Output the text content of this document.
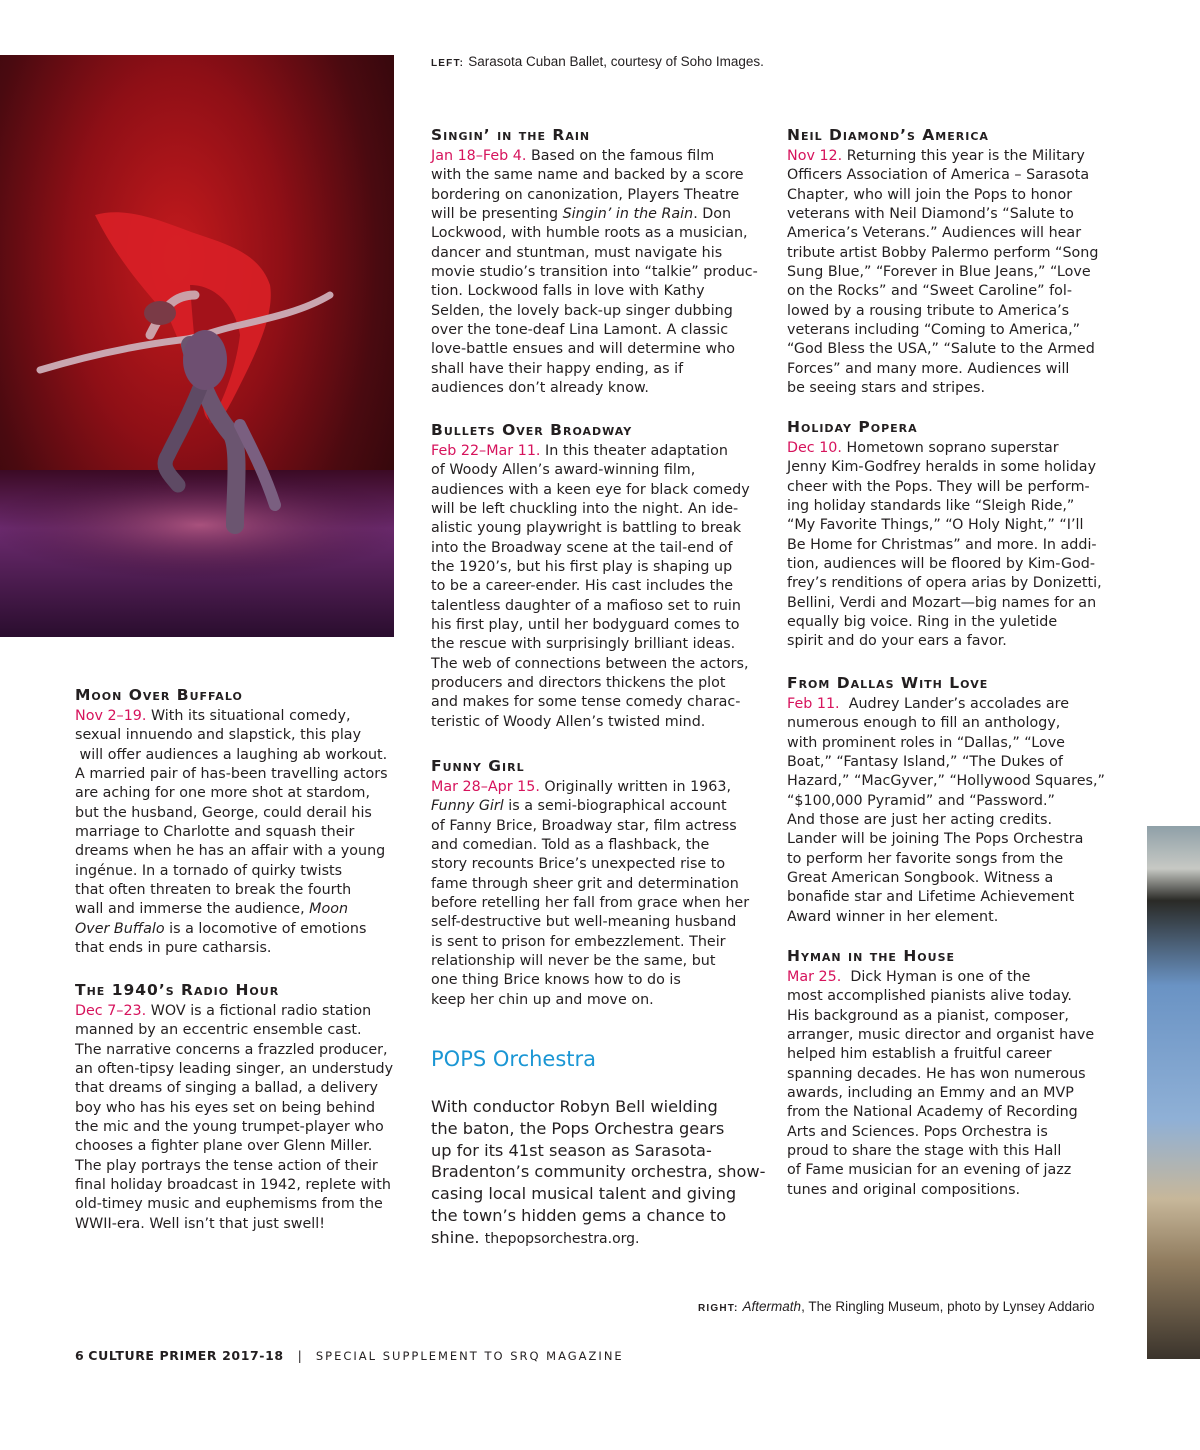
LEFT: Sarasota Cuban Ballet, courtesy of Soho Images.
Moon Over Buffalo

Nov 2–19. With its situational comedy,
sexual innuendo and slapstick, this play
will offer audiences a laughing ab workout.
A married pair of has-been travelling actors
are aching for one more shot at stardom,
but the husband, George, could derail his
marriage to Charlotte and squash their
dreams when he has an affair with a young
ingénue. In a tornado of quirky twists
that often threaten to break the fourth
wall and immerse the audience, Moon
Over Buffalo is a locomotive of emotions
that ends in pure catharsis.

The 1940’s Radio Hour

Dec 7–23. WOV is a fictional radio station
manned by an eccentric ensemble cast.
The narrative concerns a frazzled producer,
an often-tipsy leading singer, an understudy
that dreams of singing a ballad, a delivery
boy who has his eyes set on being behind
the mic and the young trumpet-player who
chooses a fighter plane over Glenn Miller.
The play portrays the tense action of their
final holiday broadcast in 1942, replete with
old-timey music and euphemisms from the
WWII-era. Well isn’t that just swell!

Singin’ in the Rain

Jan 18–Feb 4. Based on the famous film
with the same name and backed by a score
bordering on canonization, Players Theatre
will be presenting Singin’ in the Rain. Don
Lockwood, with humble roots as a musician,
dancer and stuntman, must navigate his
movie studio’s transition into “talkie” produc-
tion. Lockwood falls in love with Kathy
Selden, the lovely back-up singer dubbing
over the tone-deaf Lina Lamont. A classic
love-battle ensues and will determine who
shall have their happy ending, as if
audiences don’t already know.

Bullets Over Broadway

Feb 22–Mar 11. In this theater adaptation
of Woody Allen’s award-winning film,
audiences with a keen eye for black comedy
will be left chuckling into the night. An ide-
alistic young playwright is battling to break
into the Broadway scene at the tail-end of
the 1920’s, but his first play is shaping up
to be a career-ender. His cast includes the
talentless daughter of a mafioso set to ruin
his first play, until her bodyguard comes to
the rescue with surprisingly brilliant ideas.
The web of connections between the actors,
producers and directors thickens the plot
and makes for some tense comedy charac-
teristic of Woody Allen’s twisted mind.

Funny Girl

Mar 28–Apr 15. Originally written in 1963,
Funny Girl is a semi-biographical account
of Fanny Brice, Broadway star, film actress
and comedian. Told as a flashback, the
story recounts Brice’s unexpected rise to
fame through sheer grit and determination
before retelling her fall from grace when her
self-destructive but well-meaning husband
is sent to prison for embezzlement. Their
relationship will never be the same, but
one thing Brice knows how to do is
keep her chin up and move on.

POPS Orchestra

With conductor Robyn Bell wielding
the baton, the Pops Orchestra gears
up for its 41st season as Sarasota-
Bradenton’s community orchestra, show-
casing local musical talent and giving
the town’s hidden gems a chance to
shine. thepopsorchestra.org.

Neil Diamond’s America

Nov 12. Returning this year is the Military
Officers Association of America – Sarasota
Chapter, who will join the Pops to honor
veterans with Neil Diamond’s “Salute to
America’s Veterans.” Audiences will hear
tribute artist Bobby Palermo perform “Song
Sung Blue,” “Forever in Blue Jeans,” “Love
on the Rocks” and “Sweet Caroline” fol-
lowed by a rousing tribute to America’s
veterans including “Coming to America,”
“God Bless the USA,” “Salute to the Armed
Forces” and many more. Audiences will
be seeing stars and stripes.

Holiday Popera

Dec 10. Hometown soprano superstar
Jenny Kim-Godfrey heralds in some holiday
cheer with the Pops. They will be perform-
ing holiday standards like “Sleigh Ride,”
“My Favorite Things,” “O Holy Night,” “I’ll
Be Home for Christmas” and more. In addi-
tion, audiences will be floored by Kim-God-
frey’s renditions of opera arias by Donizetti,
Bellini, Verdi and Mozart—big names for an
equally big voice. Ring in the yuletide
spirit and do your ears a favor.

From Dallas With Love

Feb 11.  Audrey Lander’s accolades are
numerous enough to fill an anthology,
with prominent roles in “Dallas,” “Love
Boat,” “Fantasy Island,” “The Dukes of
Hazard,” “MacGyver,” “Hollywood Squares,”
“$100,000 Pyramid” and “Password.”
And those are just her acting credits.
Lander will be joining The Pops Orchestra
to perform her favorite songs from the
Great American Songbook. Witness a
bonafide star and Lifetime Achievement
Award winner in her element.

Hyman in the House

Mar 25.  Dick Hyman is one of the
most accomplished pianists alive today.
His background as a pianist, composer,
arranger, music director and organist have
helped him establish a fruitful career
spanning decades. He has won numerous
awards, including an Emmy and an MVP
from the National Academy of Recording
Arts and Sciences. Pops Orchestra is
proud to share the stage with this Hall
of Fame musician for an evening of jazz
tunes and original compositions.

RIGHT: Aftermath, The Ringling Museum, photo by Lynsey Addario
6 CULTURE PRIMER 2017-18 | SPECIAL SUPPLEMENT TO SRQ MAGAZINE
